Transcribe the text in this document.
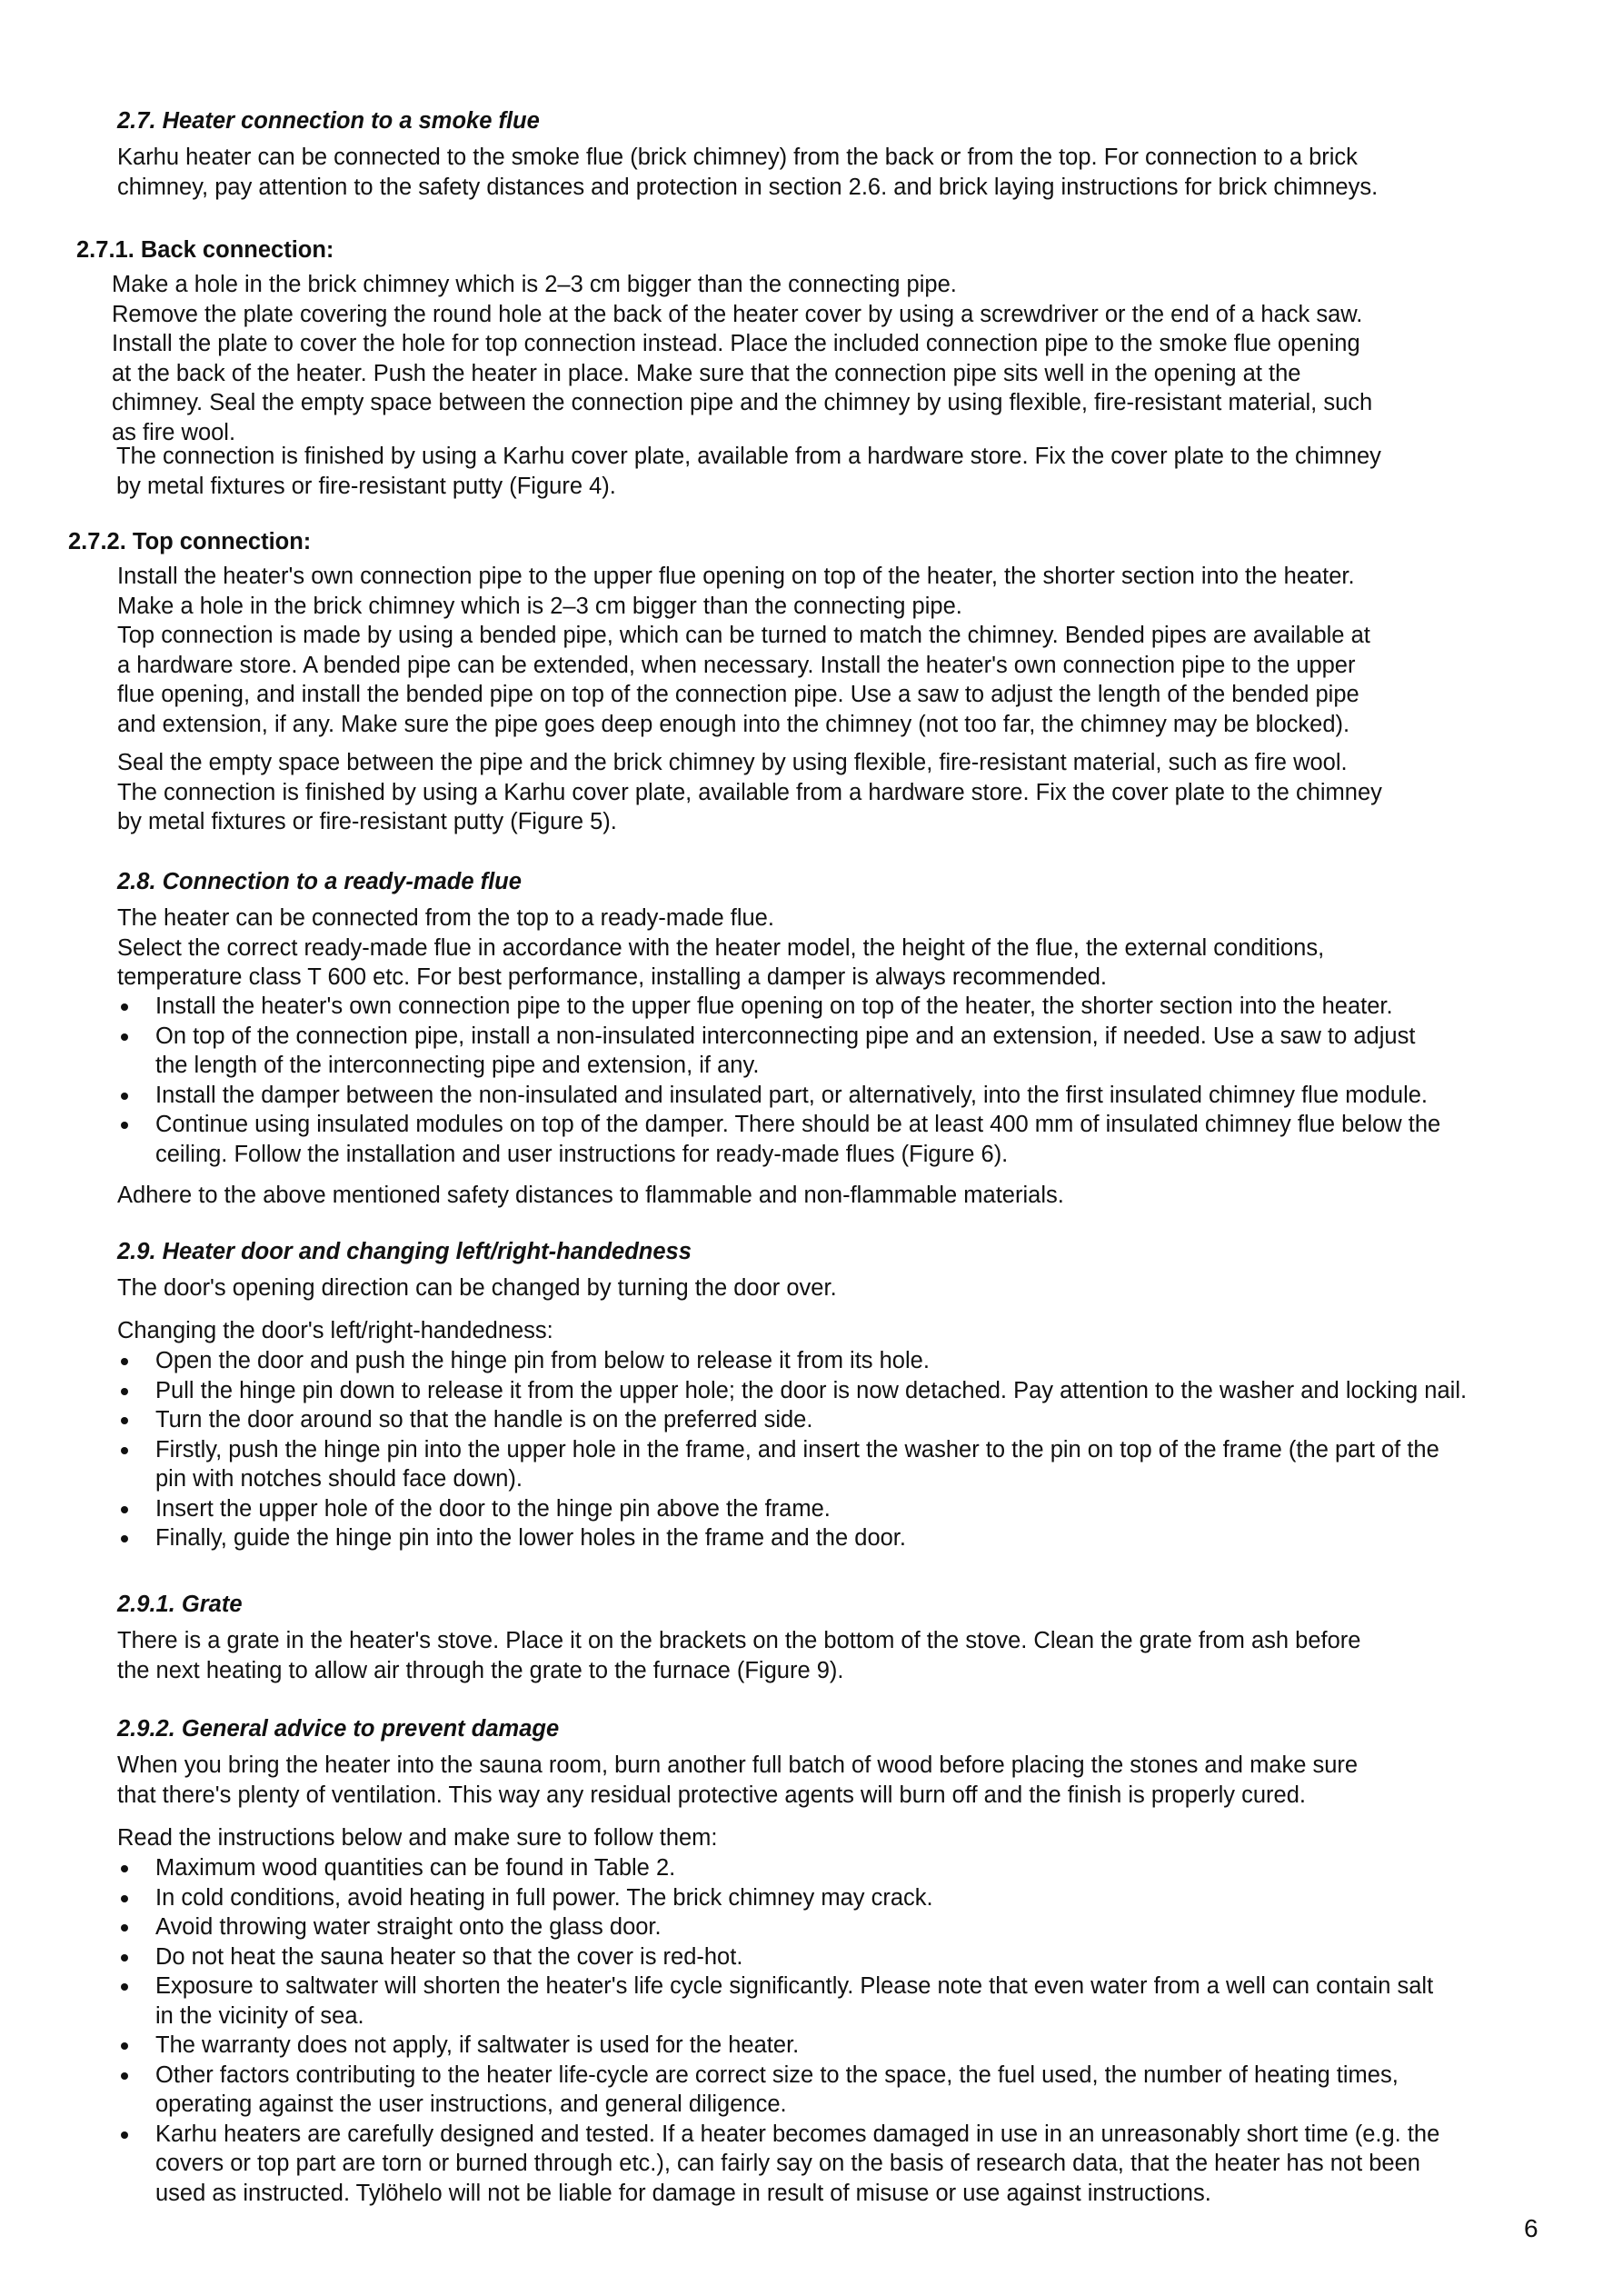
2.7. Heater connection to a smoke flue
Karhu heater can be connected to the smoke flue (brick chimney) from the back or from the top. For connection to a brick
chimney, pay attention to the safety distances and protection in section 2.6. and brick laying instructions for brick chimneys.
2.7.1. Back connection:
Make a hole in the brick chimney which is 2–3 cm bigger than the connecting pipe.
Remove the plate covering the round hole at the back of the heater cover by using a screwdriver or the end of a hack saw.
Install the plate to cover the hole for top connection instead. Place the included connection pipe to the smoke flue opening
at the back of the heater. Push the heater in place. Make sure that the connection pipe sits well in the opening at the
chimney. Seal the empty space between the connection pipe and the chimney by using flexible, fire-resistant material, such
as fire wool.
The connection is finished by using a Karhu cover plate, available from a hardware store. Fix the cover plate to the chimney
by metal fixtures or fire-resistant putty (Figure 4).
2.7.2. Top connection:
Install the heater's own connection pipe to the upper flue opening on top of the heater, the shorter section into the heater.
Make a hole in the brick chimney which is 2–3 cm bigger than the connecting pipe.
Top connection is made by using a bended pipe, which can be turned to match the chimney. Bended pipes are available at
a hardware store. A bended pipe can be extended, when necessary. Install the heater's own connection pipe to the upper
flue opening, and install the bended pipe on top of the connection pipe. Use a saw to adjust the length of the bended pipe
and extension, if any. Make sure the pipe goes deep enough into the chimney (not too far, the chimney may be blocked).
Seal the empty space between the pipe and the brick chimney by using flexible, fire-resistant material, such as fire wool.
The connection is finished by using a Karhu cover plate, available from a hardware store. Fix the cover plate to the chimney
by metal fixtures or fire-resistant putty (Figure 5).
2.8. Connection to a ready-made flue
The heater can be connected from the top to a ready-made flue.
Select the correct ready-made flue in accordance with the heater model, the height of the flue, the external conditions,
temperature class T 600 etc. For best performance, installing a damper is always recommended.
Install the heater's own connection pipe to the upper flue opening on top of the heater, the shorter section into the heater.
On top of the connection pipe, install a non-insulated interconnecting pipe and an extension, if needed. Use a saw to adjust
the length of the interconnecting pipe and extension, if any.
Install the damper between the non-insulated and insulated part, or alternatively, into the first insulated chimney flue module.
Continue using insulated modules on top of the damper. There should be at least 400 mm of insulated chimney flue below the
ceiling. Follow the installation and user instructions for ready-made flues (Figure 6).
Adhere to the above mentioned safety distances to flammable and non-flammable materials.
2.9. Heater door and changing left/right-handedness
The door's opening direction can be changed by turning the door over.
Changing the door's left/right-handedness:
Open the door and push the hinge pin from below to release it from its hole.
Pull the hinge pin down to release it from the upper hole; the door is now detached. Pay attention to the washer and locking nail.
Turn the door around so that the handle is on the preferred side.
Firstly, push the hinge pin into the upper hole in the frame, and insert the washer to the pin on top of the frame (the part of the
pin with notches should face down).
Insert the upper hole of the door to the hinge pin above the frame.
Finally, guide the hinge pin into the lower holes in the frame and the door.
2.9.1. Grate
There is a grate in the heater's stove. Place it on the brackets on the bottom of the stove. Clean the grate from ash before
the next heating to allow air through the grate to the furnace (Figure 9).
2.9.2. General advice to prevent damage
When you bring the heater into the sauna room, burn another full batch of wood before placing the stones and make sure
that there's plenty of ventilation. This way any residual protective agents will burn off and the finish is properly cured.
Read the instructions below and make sure to follow them:
Maximum wood quantities can be found in Table 2.
In cold conditions, avoid heating in full power. The brick chimney may crack.
Avoid throwing water straight onto the glass door.
Do not heat the sauna heater so that the cover is red-hot.
Exposure to saltwater will shorten the heater's life cycle significantly. Please note that even water from a well can contain salt
in the vicinity of sea.
The warranty does not apply, if saltwater is used for the heater.
Other factors contributing to the heater life-cycle are correct size to the space, the fuel used, the number of heating times,
operating against the user instructions, and general diligence.
Karhu heaters are carefully designed and tested. If a heater becomes damaged in use in an unreasonably short time (e.g. the
covers or top part are torn or burned through etc.), can fairly say on the basis of research data, that the heater has not been
used as instructed. Tylöhelo will not be liable for damage in result of misuse or use against instructions.
6
